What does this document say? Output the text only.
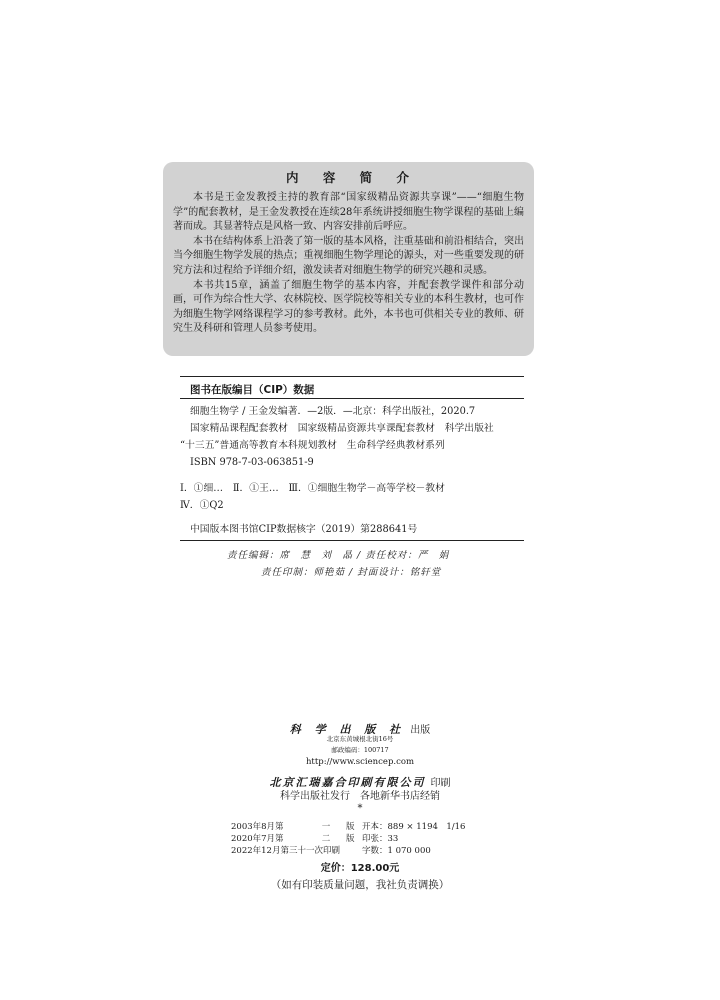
内 容 简 介

本书是王金发教授主持的教育部“国家级精品资源共享课”——“细胞生物学”的配套教材，是王金发教授在连续28年系统讲授细胞生物学课程的基础上编著而成。其显著特点是风格一致、内容安排前后呼应。

本书在结构体系上沿袭了第一版的基本风格，注重基础和前沿相结合，突出当今细胞生物学发展的热点；重视细胞生物学理论的源头，对一些重要发现的研究方法和过程给予详细介绍，激发读者对细胞生物学的研究兴趣和灵感。

本书共15章，涵盖了细胞生物学的基本内容，并配套教学课件和部分动画，可作为综合性大学、农林院校、医学院校等相关专业的本科生教材，也可作为细胞生物学网络课程学习的参考教材。此外，本书也可供相关专业的教师、研究生及科研和管理人员参考使用。

图书在版编目（CIP）数据
细胞生物学 / 王金发编著．—2版．—北京：科学出版社，2020.7
国家精品课程配套教材　国家级精品资源共享课配套教材　科学出版社
“十三五”普通高等教育本科规划教材　生命科学经典教材系列
ISBN 978-7-03-063851-9
Ⅰ．①细…　Ⅱ．①王…　Ⅲ．①细胞生物学－高等学校－教材
Ⅳ．①Q2
中国版本图书馆CIP数据核字（2019）第288641号
责任编辑：席　慧　刘　晶 / 责任校对：严　娟
责任印制：师艳茹 / 封面设计：铭轩堂
科 学 出 版 社 出版
北京东黄城根北街16号
邮政编码：100717
http://www.sciencep.com
北京汇瑞嘉合印刷有限公司 印刷
科学出版社发行　各地新华书店经销
*
2003年8月第	一 版 开本：889 × 1194　1/16
2020年7月第	二 版 印张：33
2022年12月第三十一次印刷	字数：1 070 000
定价：128.00元
（如有印装质量问题，我社负责调换）
